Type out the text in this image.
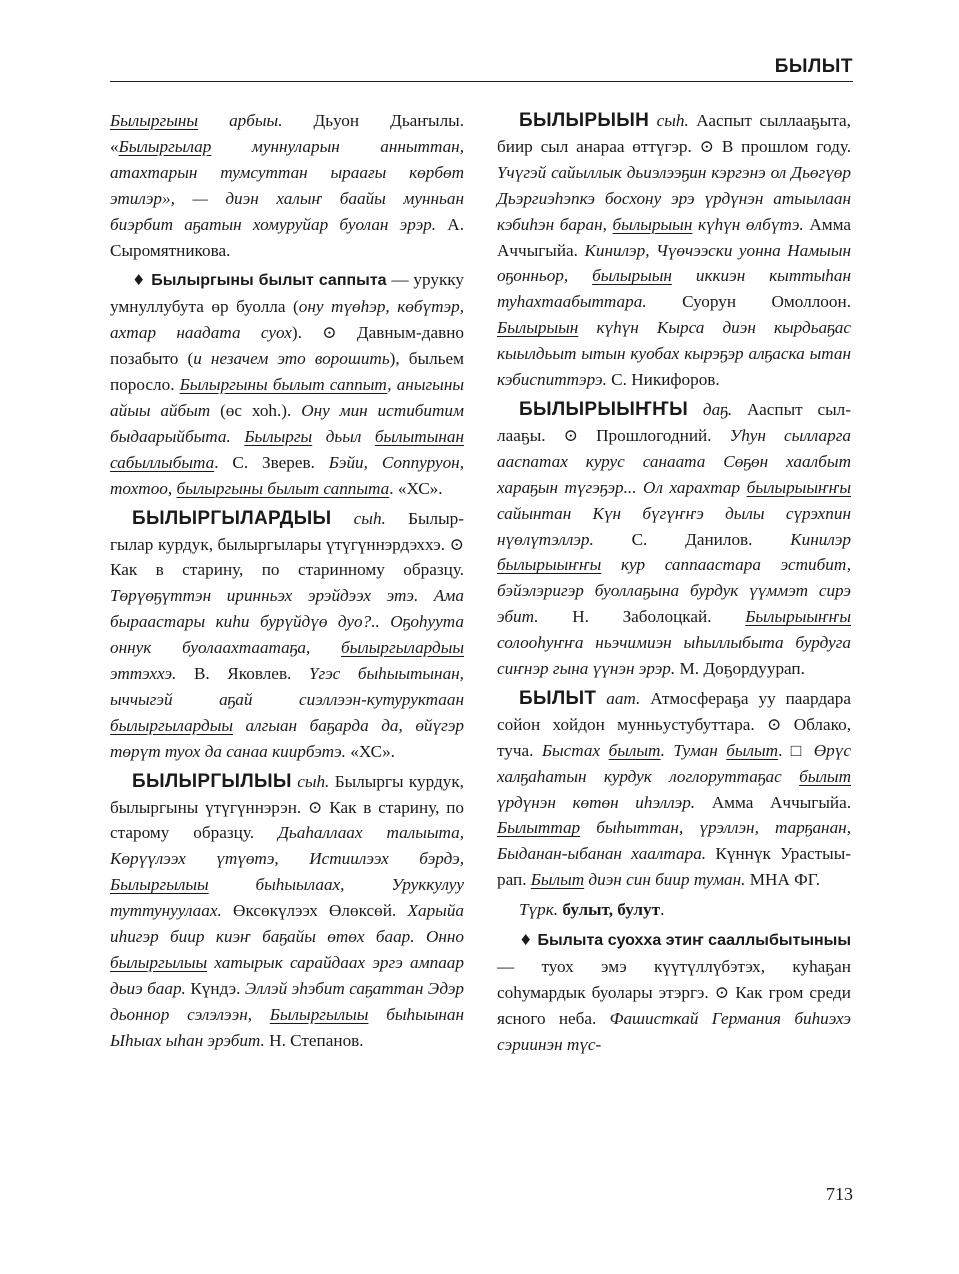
БЫЛЫТ

Былыргыны арбыы. Дьуон Дьаҥылы. «Былыргылар муннуларын анныттан, атахтарын тумсуттан ыраағы көрбөт этилэр», — диэн халыҥ баайы мунньан биэрбит аҕатын хомуруйар буолан эрэр. А. Сыромятникова.

♦ Былыргыны былыт саппыта — урукку умнуллубута өр буолла (ону түөһэр, көбүтэр, ахтар наадата суох). ⊙ Давным-давно позабыто (и незачем это ворошить), быльем поросло. Былыргыны былыт саппыт, аныгыны айыы айбыт (өс хоһ.). Ону мин истибитим быдаарыйбыта. Былыргы дьыл былытынан сабыллыбыта. С. Зверев. Бэйи, Соппуруон, тохтоо, былыргыны былыт саппыта. «ХС».

БЫЛЫРГЫЛАРДЫЫ сыһ. Былыргылар курдук, былыргылары үтүгүннэрдэххэ. ⊙ Как в старину, по старинному образцу. Төрүөҕүттэн иринньэх эрэйдээх этэ. Ама быраастары киһи бурүйдүө дуо?.. Оҕоһуута оннук буолаахтаатаҕа, былыргылардыы эттэххэ. В. Яковлев. Үгэс быһыытынан, ыччыгэй аҕай сиэллээн-кутуруктаан былыргылардыы алгыан баҕарда да, өйүгэр төрүт туох да санаа киирбэтэ. «ХС».

БЫЛЫРГЫЛЫЫ сыһ. Былыргы курдук, былыргыны үтүгүннэрэн. ⊙ Как в старину, по старому образцу. Дьаһаллаах талыыта, Көрүүлээх үтүөтэ, Истиилээх бэрдэ, Былыргылыы быһыылаах, Уруккулуу туттунуулаах. Өксөкүлээх Өлөксөй. Харыйа иһигэр биир киэҥ баҕайы өтөх баар. Онно былыргылыы хатырык сарайдаах эргэ ампаар дьиэ баар. Күндэ. Эллэй эһэбит саҕаттан Эдэр дьоннор сэлэлээн, Былыргылыы быһыынан Ыһыах ыһан эрэбит. Н. Степанов.

БЫЛЫРЫЫН сыһ. Ааспыт сыллааҕыта, биир сыл анараа өттүгэр. ⊙ В прошлом году. Үчүгэй сайыллык дьиэлээҕин кэргэнэ ол Дьөгүөр Дьэргиэһэпкэ босхону эрэ үрдүнэн атыылаан кэбиһэн баран, былырыын күһүн өлбүтэ. Амма Аччыгыйа. Кинилэр, Чүөчээски уонна Намыын оҕонньор, былырыын иккиэн кыттыһан туһахтаабыттара. Суорун Омоллоон. Былырыын күһүн Кырса диэн кырдьаҕас кыылдьыт ытын куобах кырэҕэр алҕаска ытан кэбиспиттэрэ. С. Никифоров.

БЫЛЫРЫЫҤҤЫ даҕ. Ааспыт сыллааҕы. ⊙ Прошлогодний. Уһун сылларга ааспатах курус санаата Сөҕөн хаалбыт хараҕын түгэҕэр... Ол харахтар былырыыҥҥы сайынтан Күн бүгүҥҥэ дылы сүрэхпин нүөлүтэллэр. С. Данилов. Кинилэр былырыыҥҥы кур саппаастара эстибит, бэйэлэригэр буоллаҕына бурдук үүммэт сирэ эбит. Н. Заболоцкай. Былырыыҥҥы солооһуҥҥа ньэчимиэн ыһыллыбыта бурдуга сиҥнэр гына үүнэн эрэр. М. Доҕордуурап.

БЫЛЫТ аат. Атмосфераҕа уу паардара сойон хойдон мунньустубуттара. ⊙ Облако, туча. Быстах былыт. Туман былыт. □ Өрүс халҕаһатын курдук логлоруттаҕас былыт үрдүнэн көтөн иһэллэр. Амма Аччыгыйа. Былыттар быһыттан, үрэллэн, тарҕанан, Быданан-ыбанан хаалтара. Күннүк Урастыырап. Былыт диэн син биир туман. МНА ФГ.

Түрк. булыт, булут.

♦ Былыта суохха этиҥ сааллыбытыныы — туох эмэ күүтүллүбэтэх, куһаҕан соһумардык буолары этэргэ. ⊙ Как гром среди ясного неба. Фашисткай Германия биһиэхэ сэриинэн түс-

713
